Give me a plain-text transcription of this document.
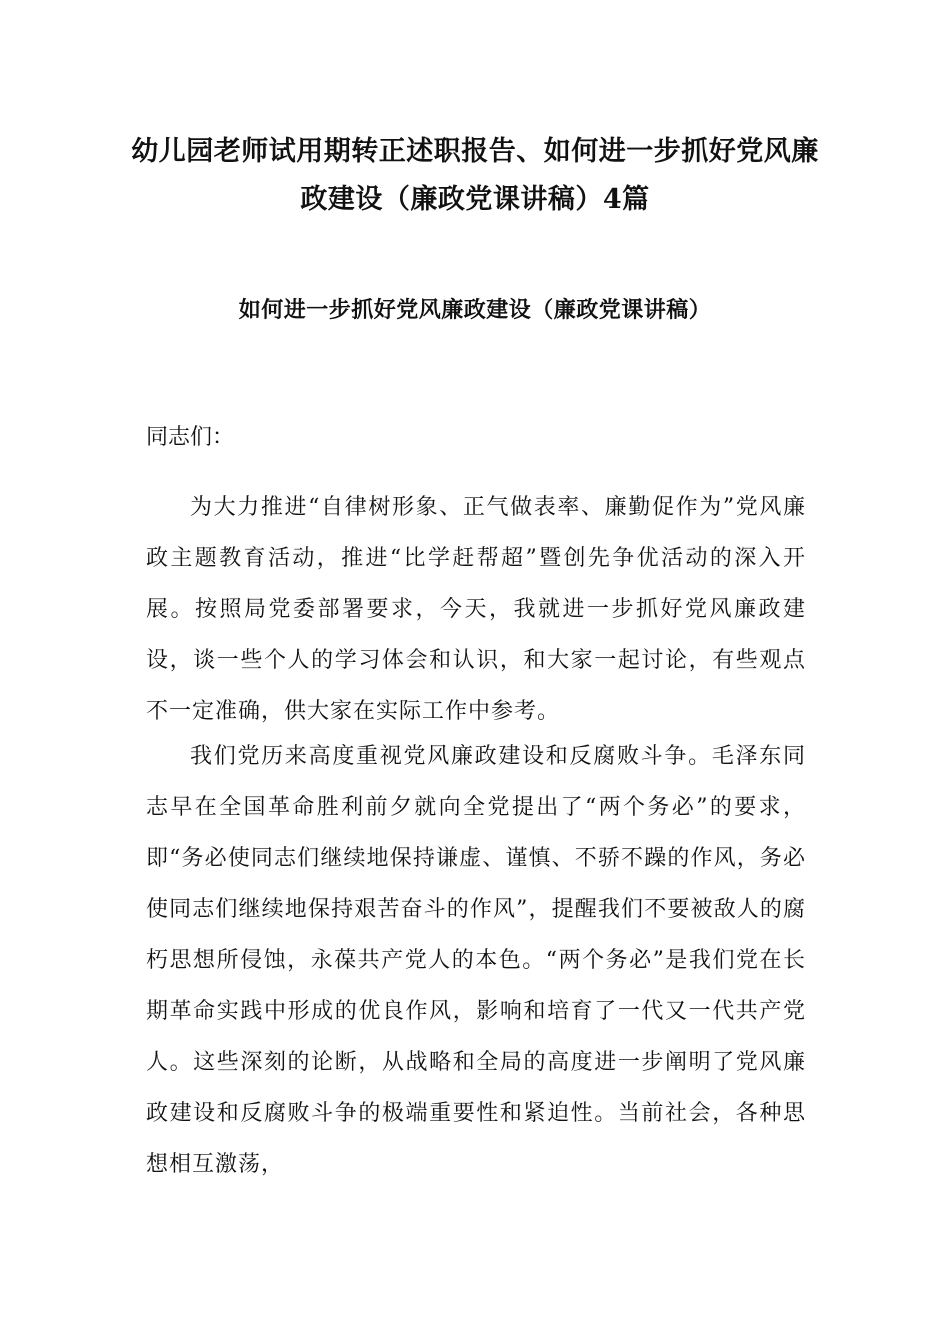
幼儿园老师试用期转正述职报告、如何进一步抓好党风廉政建设（廉政党课讲稿）4篇
如何进一步抓好党风廉政建设（廉政党课讲稿）

同志们：

为大力推进“自律树形象、正气做表率、廉勤促作为”党风廉政主题教育活动，推进“比学赶帮超”暨创先争优活动的深入开展。按照局党委部署要求，今天，我就进一步抓好党风廉政建设，谈一些个人的学习体会和认识，和大家一起讨论，有些观点不一定准确，供大家在实际工作中参考。

我们党历来高度重视党风廉政建设和反腐败斗争。毛泽东同志早在全国革命胜利前夕就向全党提出了“两个务必”的要求，即“务必使同志们继续地保持谦虚、谨慎、不骄不躁的作风，务必使同志们继续地保持艰苦奋斗的作风”，提醒我们不要被敌人的腐朽思想所侵蚀，永葆共产党人的本色。“两个务必”是我们党在长期革命实践中形成的优良作风，影响和培育了一代又一代共产党人。这些深刻的论断，从战略和全局的高度进一步阐明了党风廉政建设和反腐败斗争的极端重要性和紧迫性。当前社会，各种思想相互激荡，
